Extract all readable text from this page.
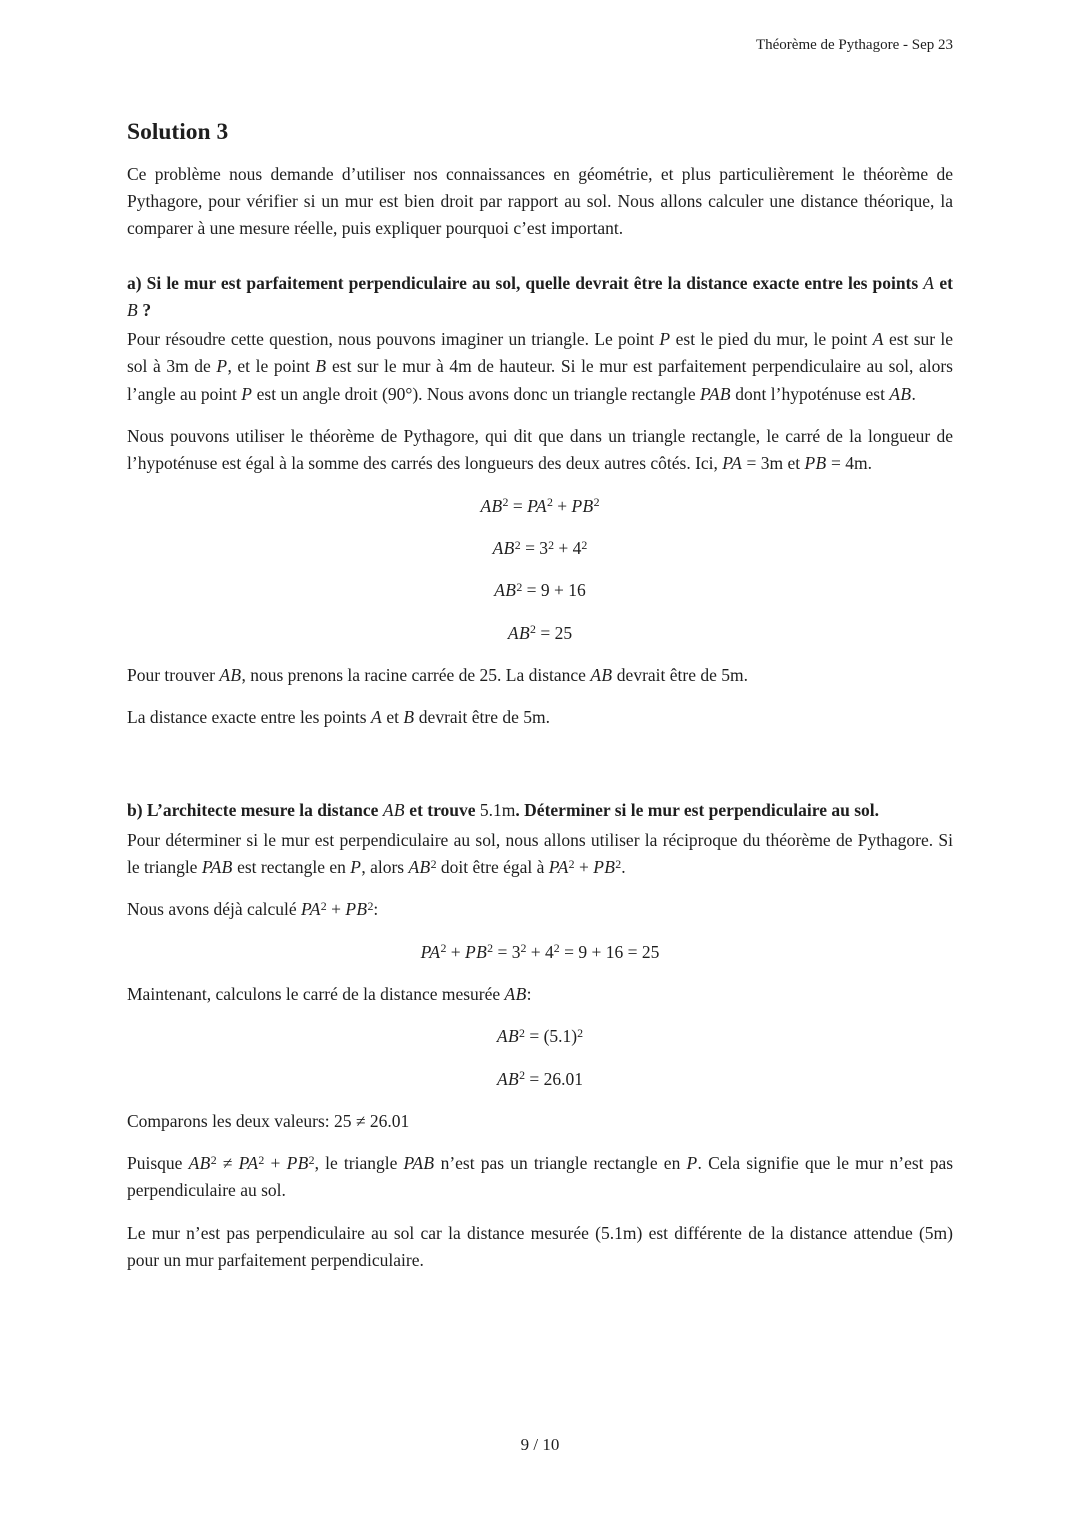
Théorème de Pythagore - Sep 23
Solution 3

Ce problème nous demande d’utiliser nos connaissances en géométrie, et plus particulièrement le théorème de Pythagore, pour vérifier si un mur est bien droit par rapport au sol. Nous allons calculer une distance théorique, la comparer à une mesure réelle, puis expliquer pourquoi c’est important.

a) Si le mur est parfaitement perpendiculaire au sol, quelle devrait être la distance exacte entre les points A et B ?

Pour résoudre cette question, nous pouvons imaginer un triangle. Le point P est le pied du mur, le point A est sur le sol à 3m de P, et le point B est sur le mur à 4m de hauteur. Si le mur est parfaitement perpendiculaire au sol, alors l’angle au point P est un angle droit (90°). Nous avons donc un triangle rectangle PAB dont l’hypoténuse est AB.

Nous pouvons utiliser le théorème de Pythagore, qui dit que dans un triangle rectangle, le carré de la longueur de l’hypoténuse est égal à la somme des carrés des longueurs des deux autres côtés. Ici, PA = 3m et PB = 4m.

$AB^2 = PA^2 + PB^2$
$AB^2 = 3^2 + 4^2$
$AB^2 = 9 + 16$
$AB^2 = 25$

Pour trouver AB, nous prenons la racine carrée de 25. La distance AB devrait être de 5m.

La distance exacte entre les points A et B devrait être de 5m.

b) L’architecte mesure la distance AB et trouve 5.1m. Déterminer si le mur est perpendiculaire au sol.

Pour déterminer si le mur est perpendiculaire au sol, nous allons utiliser la réciproque du théorème de Pythagore. Si le triangle PAB est rectangle en P, alors $AB^2$ doit être égal à $PA^2 + PB^2$.

Nous avons déjà calculé $PA^2 + PB^2$:

$PA^2 + PB^2 = 3^2 + 4^2 = 9 + 16 = 25$

Maintenant, calculons le carré de la distance mesurée AB:

$AB^2 = (5.1)^2$
$AB^2 = 26.01$

Comparons les deux valeurs: 25 ≠ 26.01

Puisque $AB^2 \ne PA^2 + PB^2$, le triangle PAB n’est pas un triangle rectangle en P. Cela signifie que le mur n’est pas perpendiculaire au sol.

Le mur n’est pas perpendiculaire au sol car la distance mesurée (5.1m) est différente de la distance attendue (5m) pour un mur parfaitement perpendiculaire.

9 / 10
